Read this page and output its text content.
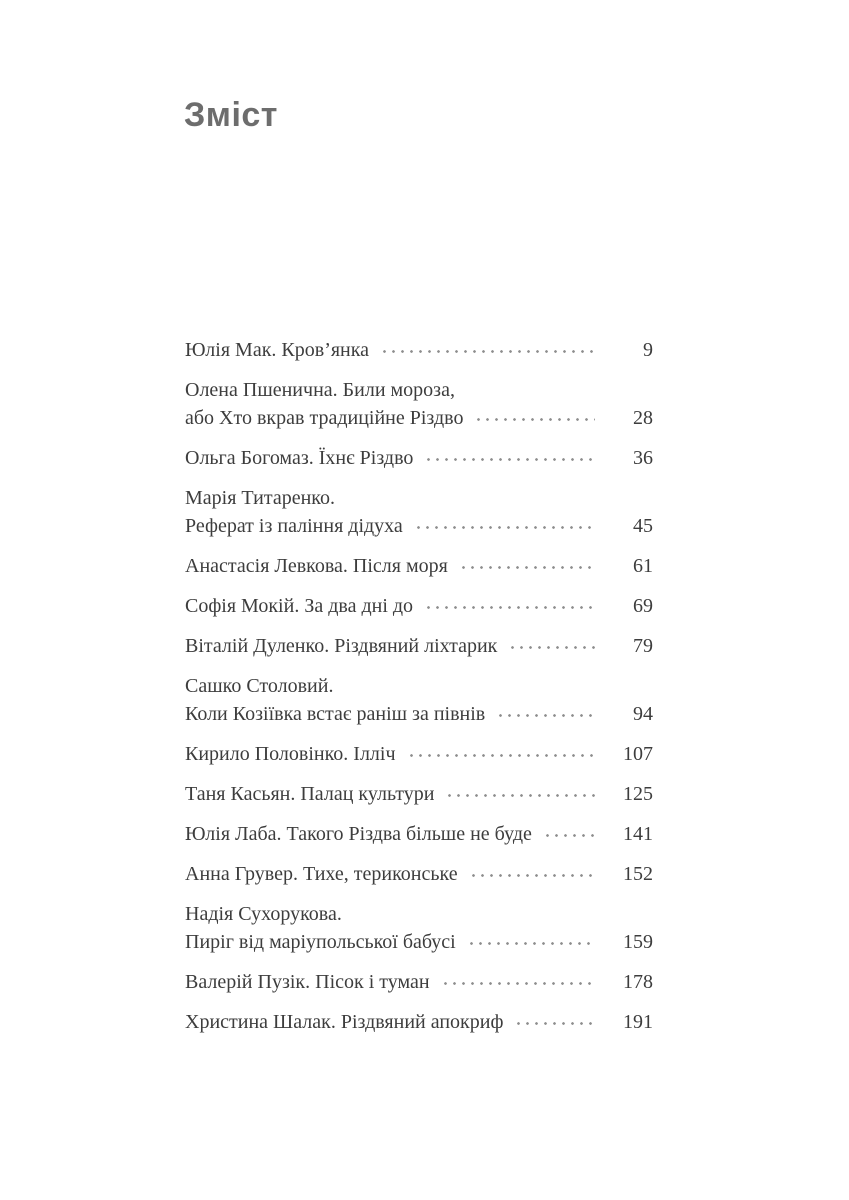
Зміст
Юлія Мак. Кров’янка	9
Олена Пшенична. Били мороза,
або Хто вкрав традиційне Різдво	28
Ольга Богомаз. Їхнє Різдво	36
Марія Титаренко.
Реферат із паління дідуха	45
Анастасія Левкова. Після моря	61
Софія Мокій. За два дні до	69
Віталій Дуленко. Різдвяний ліхтарик	79
Сашко Столовий.
Коли Козіївка встає раніш за півнів	94
Кирило Половінко. Ілліч	107
Таня Касьян. Палац культури	125
Юлія Лаба. Такого Різдва більше не буде	141
Анна Грувер. Тихе, териконське	152
Надія Сухорукова.
Пиріг від маріупольської бабусі	159
Валерій Пузік. Пісок і туман	178
Христина Шалак. Різдвяний апокриф	191
